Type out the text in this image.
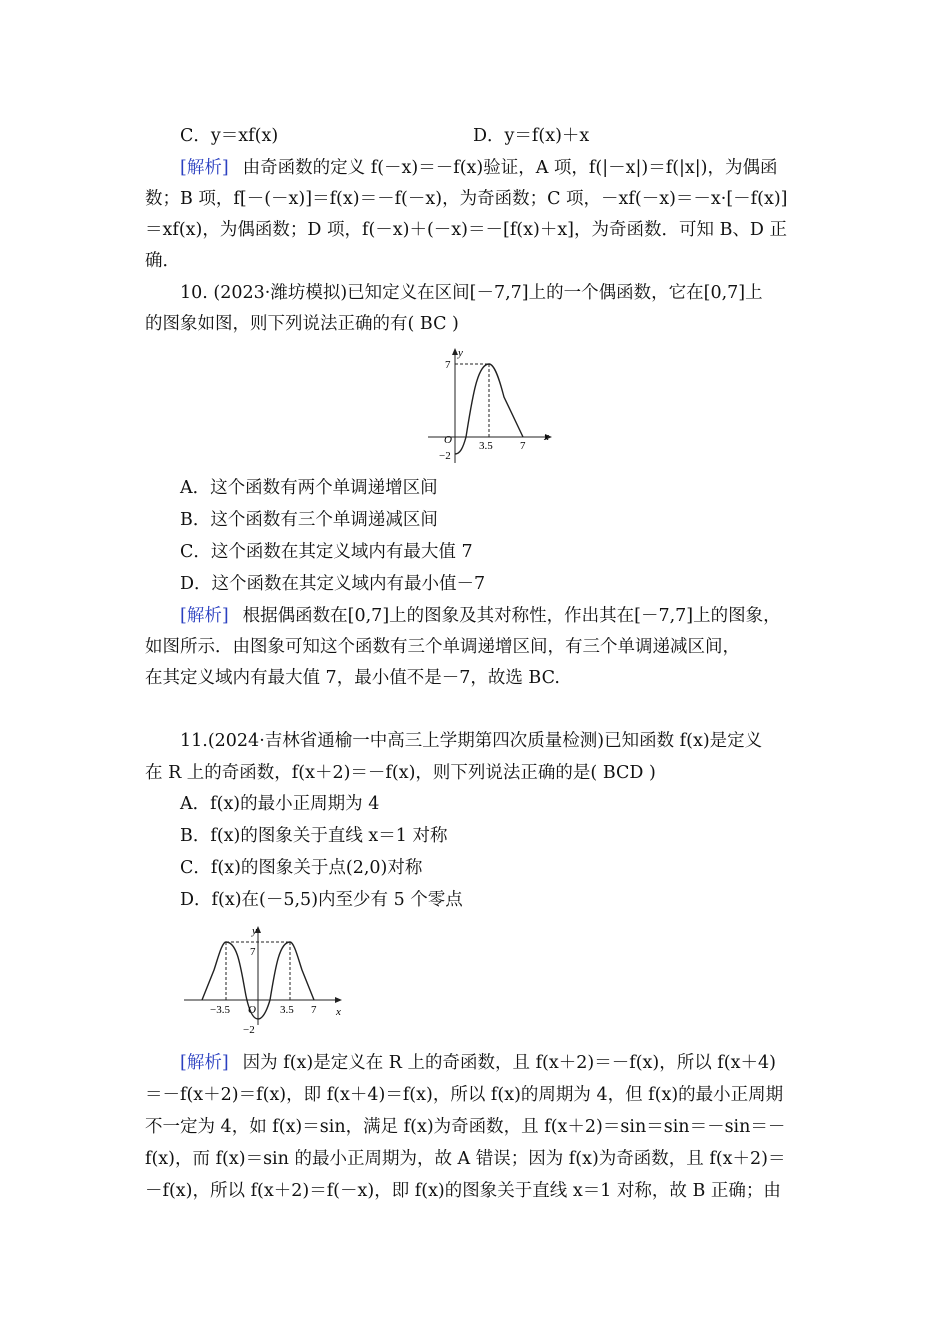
C．y＝xf(x)	D．y＝f(x)＋x
[解析] 由奇函数的定义 f(－x)＝－f(x)验证，A 项，f(|－x|)＝f(|x|)，为偶函
数；B 项，f[－(－x)]＝f(x)＝－f(－x)，为奇函数；C 项，－xf(－x)＝－x·[－f(x)]
＝xf(x)，为偶函数；D 项，f(－x)＋(－x)＝－[f(x)＋x]，为奇函数．可知 B、D 正
确．
10. (2023·潍坊模拟)已知定义在区间[－7,7]上的一个偶函数，它在[0,7]上
的图象如图，则下列说法正确的有( BC )
y
x
7
O
−2
3.5 7
A．这个函数有两个单调递增区间
B．这个函数有三个单调递减区间
C．这个函数在其定义域内有最大值 7
D．这个函数在其定义域内有最小值－7
[解析] 根据偶函数在[0,7]上的图象及其对称性，作出其在[－7,7]上的图象，
如图所示．由图象可知这个函数有三个单调递增区间，有三个单调递减区间，
在其定义域内有最大值 7，最小值不是－7，故选 BC.
11.(2024·吉林省通榆一中高三上学期第四次质量检测)已知函数 f(x)是定义
在 R 上的奇函数，f(x＋2)＝－f(x)，则下列说法正确的是( BCD )
A．f(x)的最小正周期为 4
B．f(x)的图象关于直线 x＝1 对称
C．f(x)的图象关于点(2,0)对称
D．f(x)在(－5,5)内至少有 5 个零点
y
x
7
−3.5 O 3.5 7
−2
[解析] 因为 f(x)是定义在 R 上的奇函数，且 f(x＋2)＝－f(x)，所以 f(x＋4)
＝－f(x＋2)＝f(x)，即 f(x＋4)＝f(x)，所以 f(x)的周期为 4，但 f(x)的最小正周期
不一定为 4，如 f(x)＝sin，满足 f(x)为奇函数，且 f(x＋2)＝sin＝sin＝－sin＝－
f(x)，而 f(x)＝sin 的最小正周期为，故 A 错误；因为 f(x)为奇函数，且 f(x＋2)＝
－f(x)，所以 f(x＋2)＝f(－x)，即 f(x)的图象关于直线 x＝1 对称，故 B 正确；由
